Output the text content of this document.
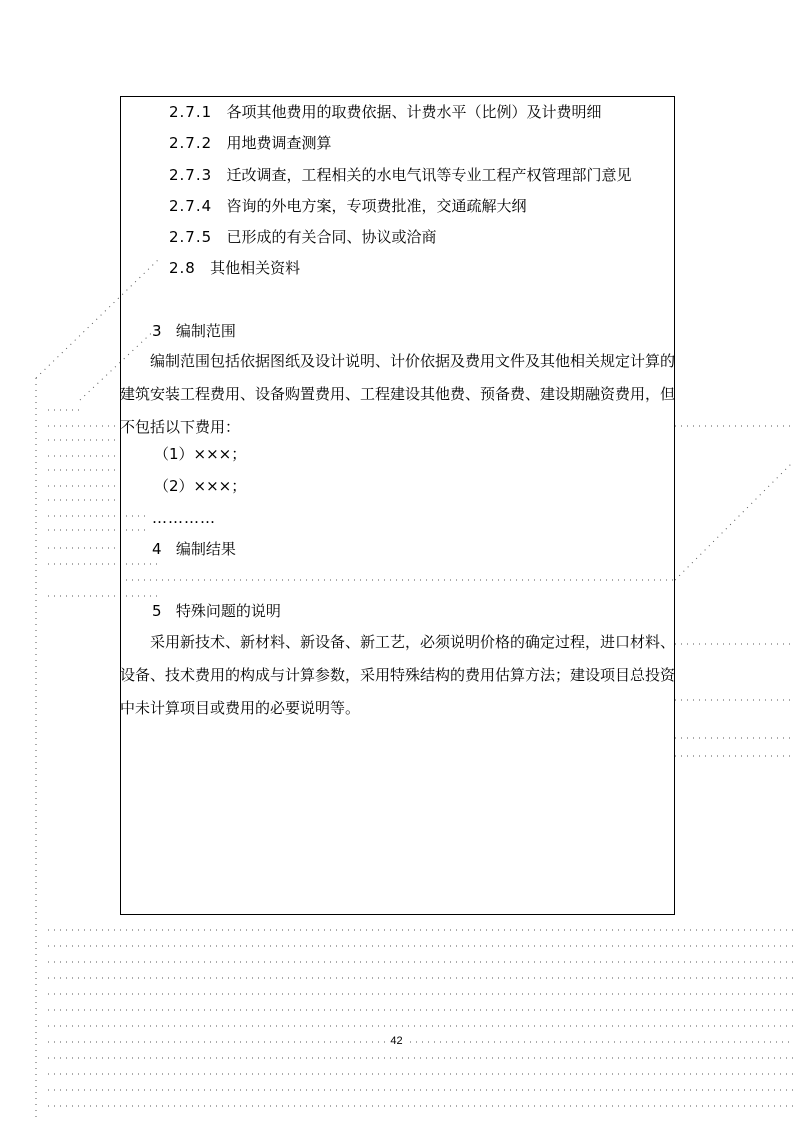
2.7.1 各项其他费用的取费依据、计费水平（比例）及计费明细
2.7.2 用地费调查测算
2.7.3 迁改调查，工程相关的水电气讯等专业工程产权管理部门意见
2.7.4 咨询的外电方案，专项费批准，交通疏解大纲
2.7.5 已形成的有关合同、协议或洽商
2.8 其他相关资料
3 编制范围

编制范围包括依据图纸及设计说明、计价依据及费用文件及其他相关规定计算的建筑安装工程费用、设备购置费用、工程建设其他费、预备费、建设期融资费用，但不包括以下费用：

（1）×××；
（2）×××；
…………
4 编制结果
5 特殊问题的说明

采用新技术、新材料、新设备、新工艺，必须说明价格的确定过程，进口材料、设备、技术费用的构成与计算参数，采用特殊结构的费用估算方法；建设项目总投资中未计算项目或费用的必要说明等。

42
